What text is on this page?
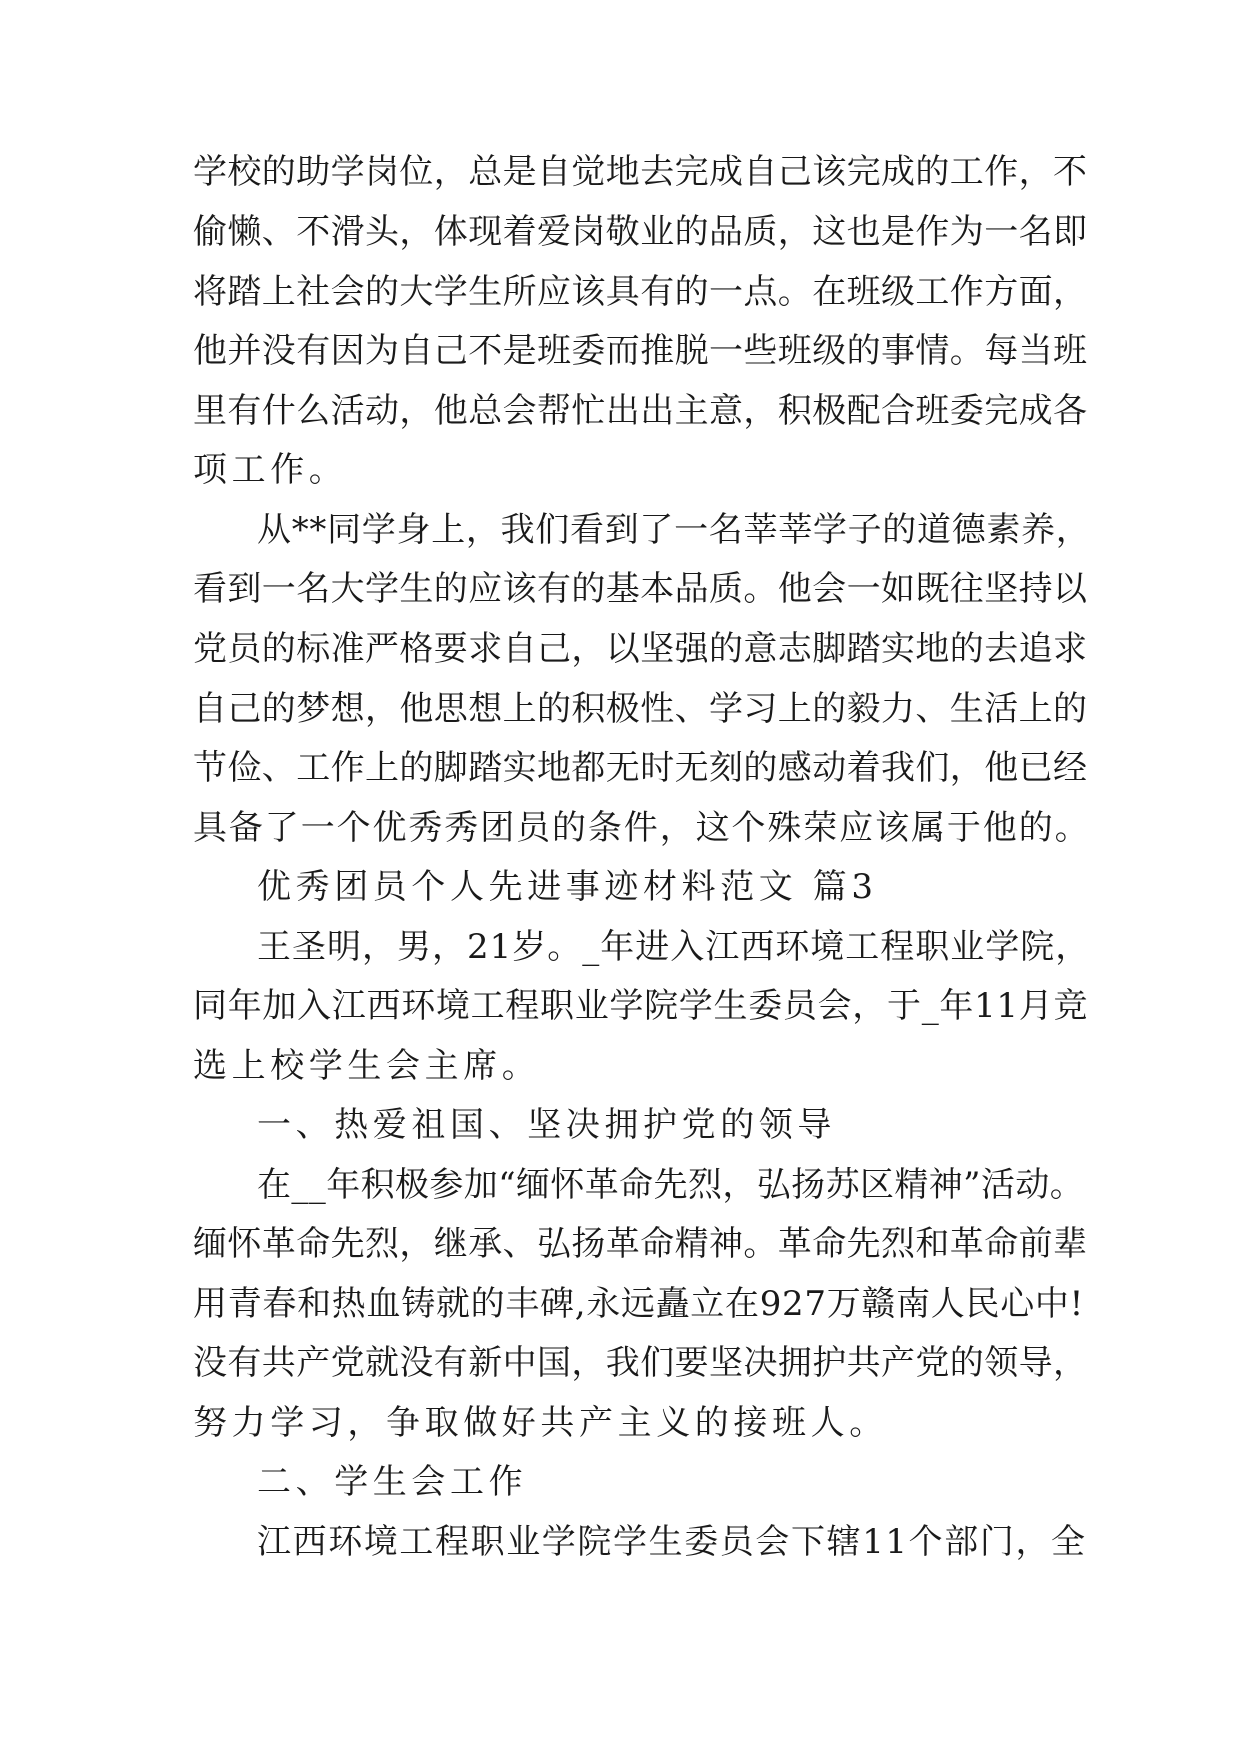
学校的助学岗位，总是自觉地去完成自己该完成的工作，不
偷懒、不滑头，体现着爱岗敬业的品质，这也是作为一名即
将踏上社会的大学生所应该具有的一点。在班级工作方面，
他并没有因为自己不是班委而推脱一些班级的事情。每当班
里有什么活动，他总会帮忙出出主意，积极配合班委完成各
项工作。
从**同学身上，我们看到了一名莘莘学子的道德素养，
看到一名大学生的应该有的基本品质。他会一如既往坚持以
党员的标准严格要求自己，以坚强的意志脚踏实地的去追求
自己的梦想，他思想上的积极性、学习上的毅力、生活上的
节俭、工作上的脚踏实地都无时无刻的感动着我们，他已经
具备了一个优秀秀团员的条件，这个殊荣应该属于他的。
优秀团员个人先进事迹材料范文 篇3
王圣明，男，21岁。_年进入江西环境工程职业学院，
同年加入江西环境工程职业学院学生委员会，于_年11月竞
选上校学生会主席。
一、热爱祖国、坚决拥护党的领导
在__年积极参加“缅怀革命先烈，弘扬苏区精神”活动。
缅怀革命先烈，继承、弘扬革命精神。革命先烈和革命前辈
用青春和热血铸就的丰碑,永远矗立在927万赣南人民心中!
没有共产党就没有新中国，我们要坚决拥护共产党的领导，
努力学习，争取做好共产主义的接班人。
二、学生会工作
江西环境工程职业学院学生委员会下辖11个部门，全
